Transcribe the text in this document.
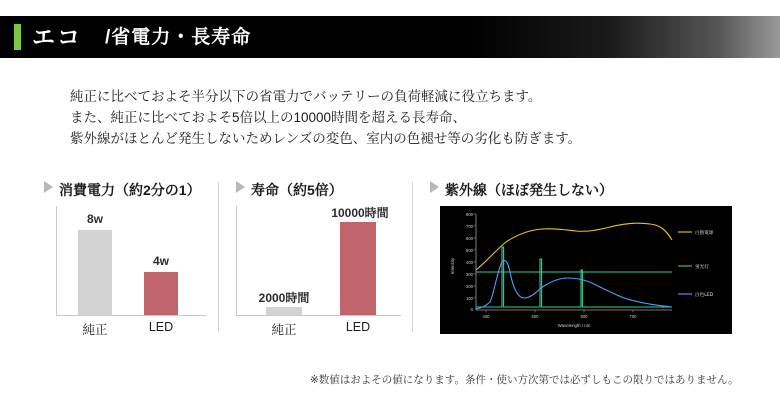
エコ /省電力・長寿命
純正に比べておよそ半分以下の省電力でバッテリーの負荷軽減に役立ちます。
また、純正に比べておよそ5倍以上の10000時間を超える長寿命、
紫外線がほとんど発生しないためレンズの変色、室内の色褪せ等の劣化も防ぎます。
消費電力（約2分の1）
8w
4w
純正	LED
寿命（約5倍）
2000時間
10000時間
純正	LED
紫外線（ほぼ発生しない）
800
700
600
500
400
300
200
100
0
400	500	600	700
Wavelength / nm
Intensity
白熱電球
蛍光灯
白色LED
※数値はおよその値になります。条件・使い方次第では必ずしもこの限りではありません。
